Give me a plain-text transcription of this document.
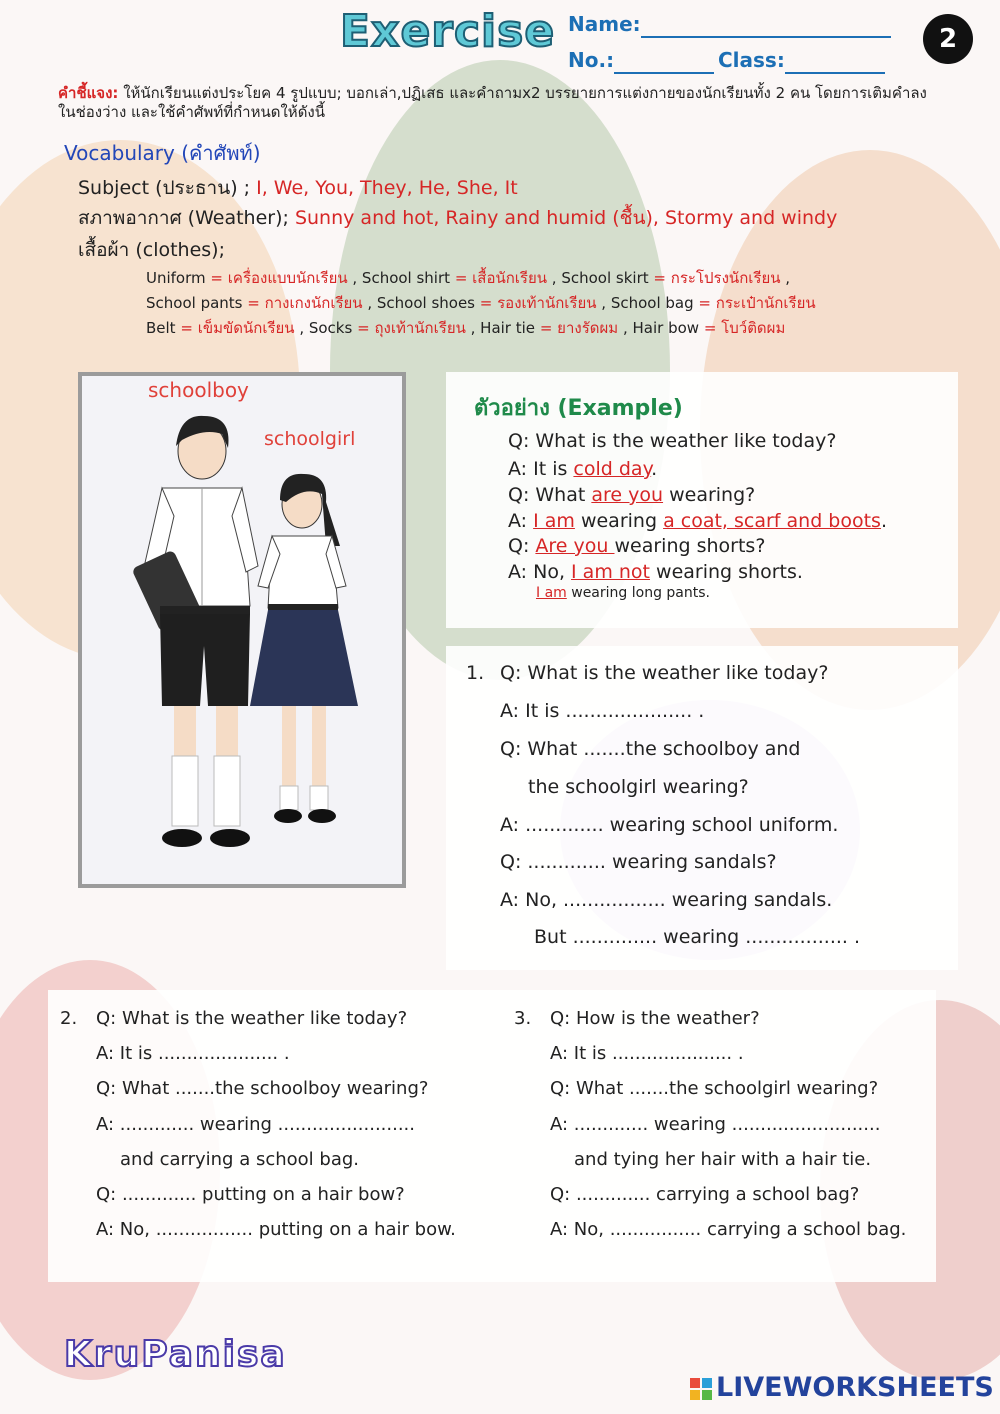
Exercise Name:
No.:	Class:
2
คำชี้แจง: ให้นักเรียนแต่งประโยค 4 รูปแบบ; บอกเล่า,ปฏิเสธ และคำถามx2 บรรยายการแต่งกายของนักเรียนทั้ง 2 คน โดยการเติมคำลงในช่องว่าง และใช้คำศัพท์ที่กำหนดให้ดังนี้
Vocabulary (คำศัพท์)
Subject (ประธาน) ; I, We, You, They, He, She, It
สภาพอากาศ (Weather); Sunny and hot, Rainy and humid (ชื้น), Stormy and windy
เสื้อผ้า (clothes);
Uniform = เครื่องแบบนักเรียน , School shirt = เสื้อนักเรียน , School skirt = กระโปรงนักเรียน ,
School pants = กางเกงนักเรียน , School shoes = รองเท้านักเรียน , School bag = กระเป๋านักเรียน
Belt = เข็มขัดนักเรียน , Socks = ถุงเท้านักเรียน , Hair tie = ยางรัดผม , Hair bow = โบว์ติดผม
schoolboy
schoolgirl
ตัวอย่าง (Example)
Q: What is the weather like today?
A: It is cold day.
Q: What are you wearing?
A: I am wearing a coat, scarf and boots.
Q: Are you wearing shorts?
A: No, I am not wearing shorts.
I am wearing long pants.
1. Q: What is the weather like today?
A: It is ..................... .
Q: What .......the schoolboy and
the schoolgirl wearing?
A: ............. wearing school uniform.
Q: ............. wearing sandals?
A: No, ................. wearing sandals.
But .............. wearing ................. .
2. Q: What is the weather like today?
A: It is ..................... .
Q: What .......the schoolboy wearing?
A: ............. wearing ........................
and carrying a school bag.
Q: ............. putting on a hair bow?
A: No, ................. putting on a hair bow.
3. Q: How is the weather?
A: It is ..................... .
Q: What .......the schoolgirl wearing?
A: ............. wearing ..........................
and tying her hair with a hair tie.
Q: ............. carrying a school bag?
A: No, ................ carrying a school bag.
KruPanisa
LIVEWORKSHEETS
